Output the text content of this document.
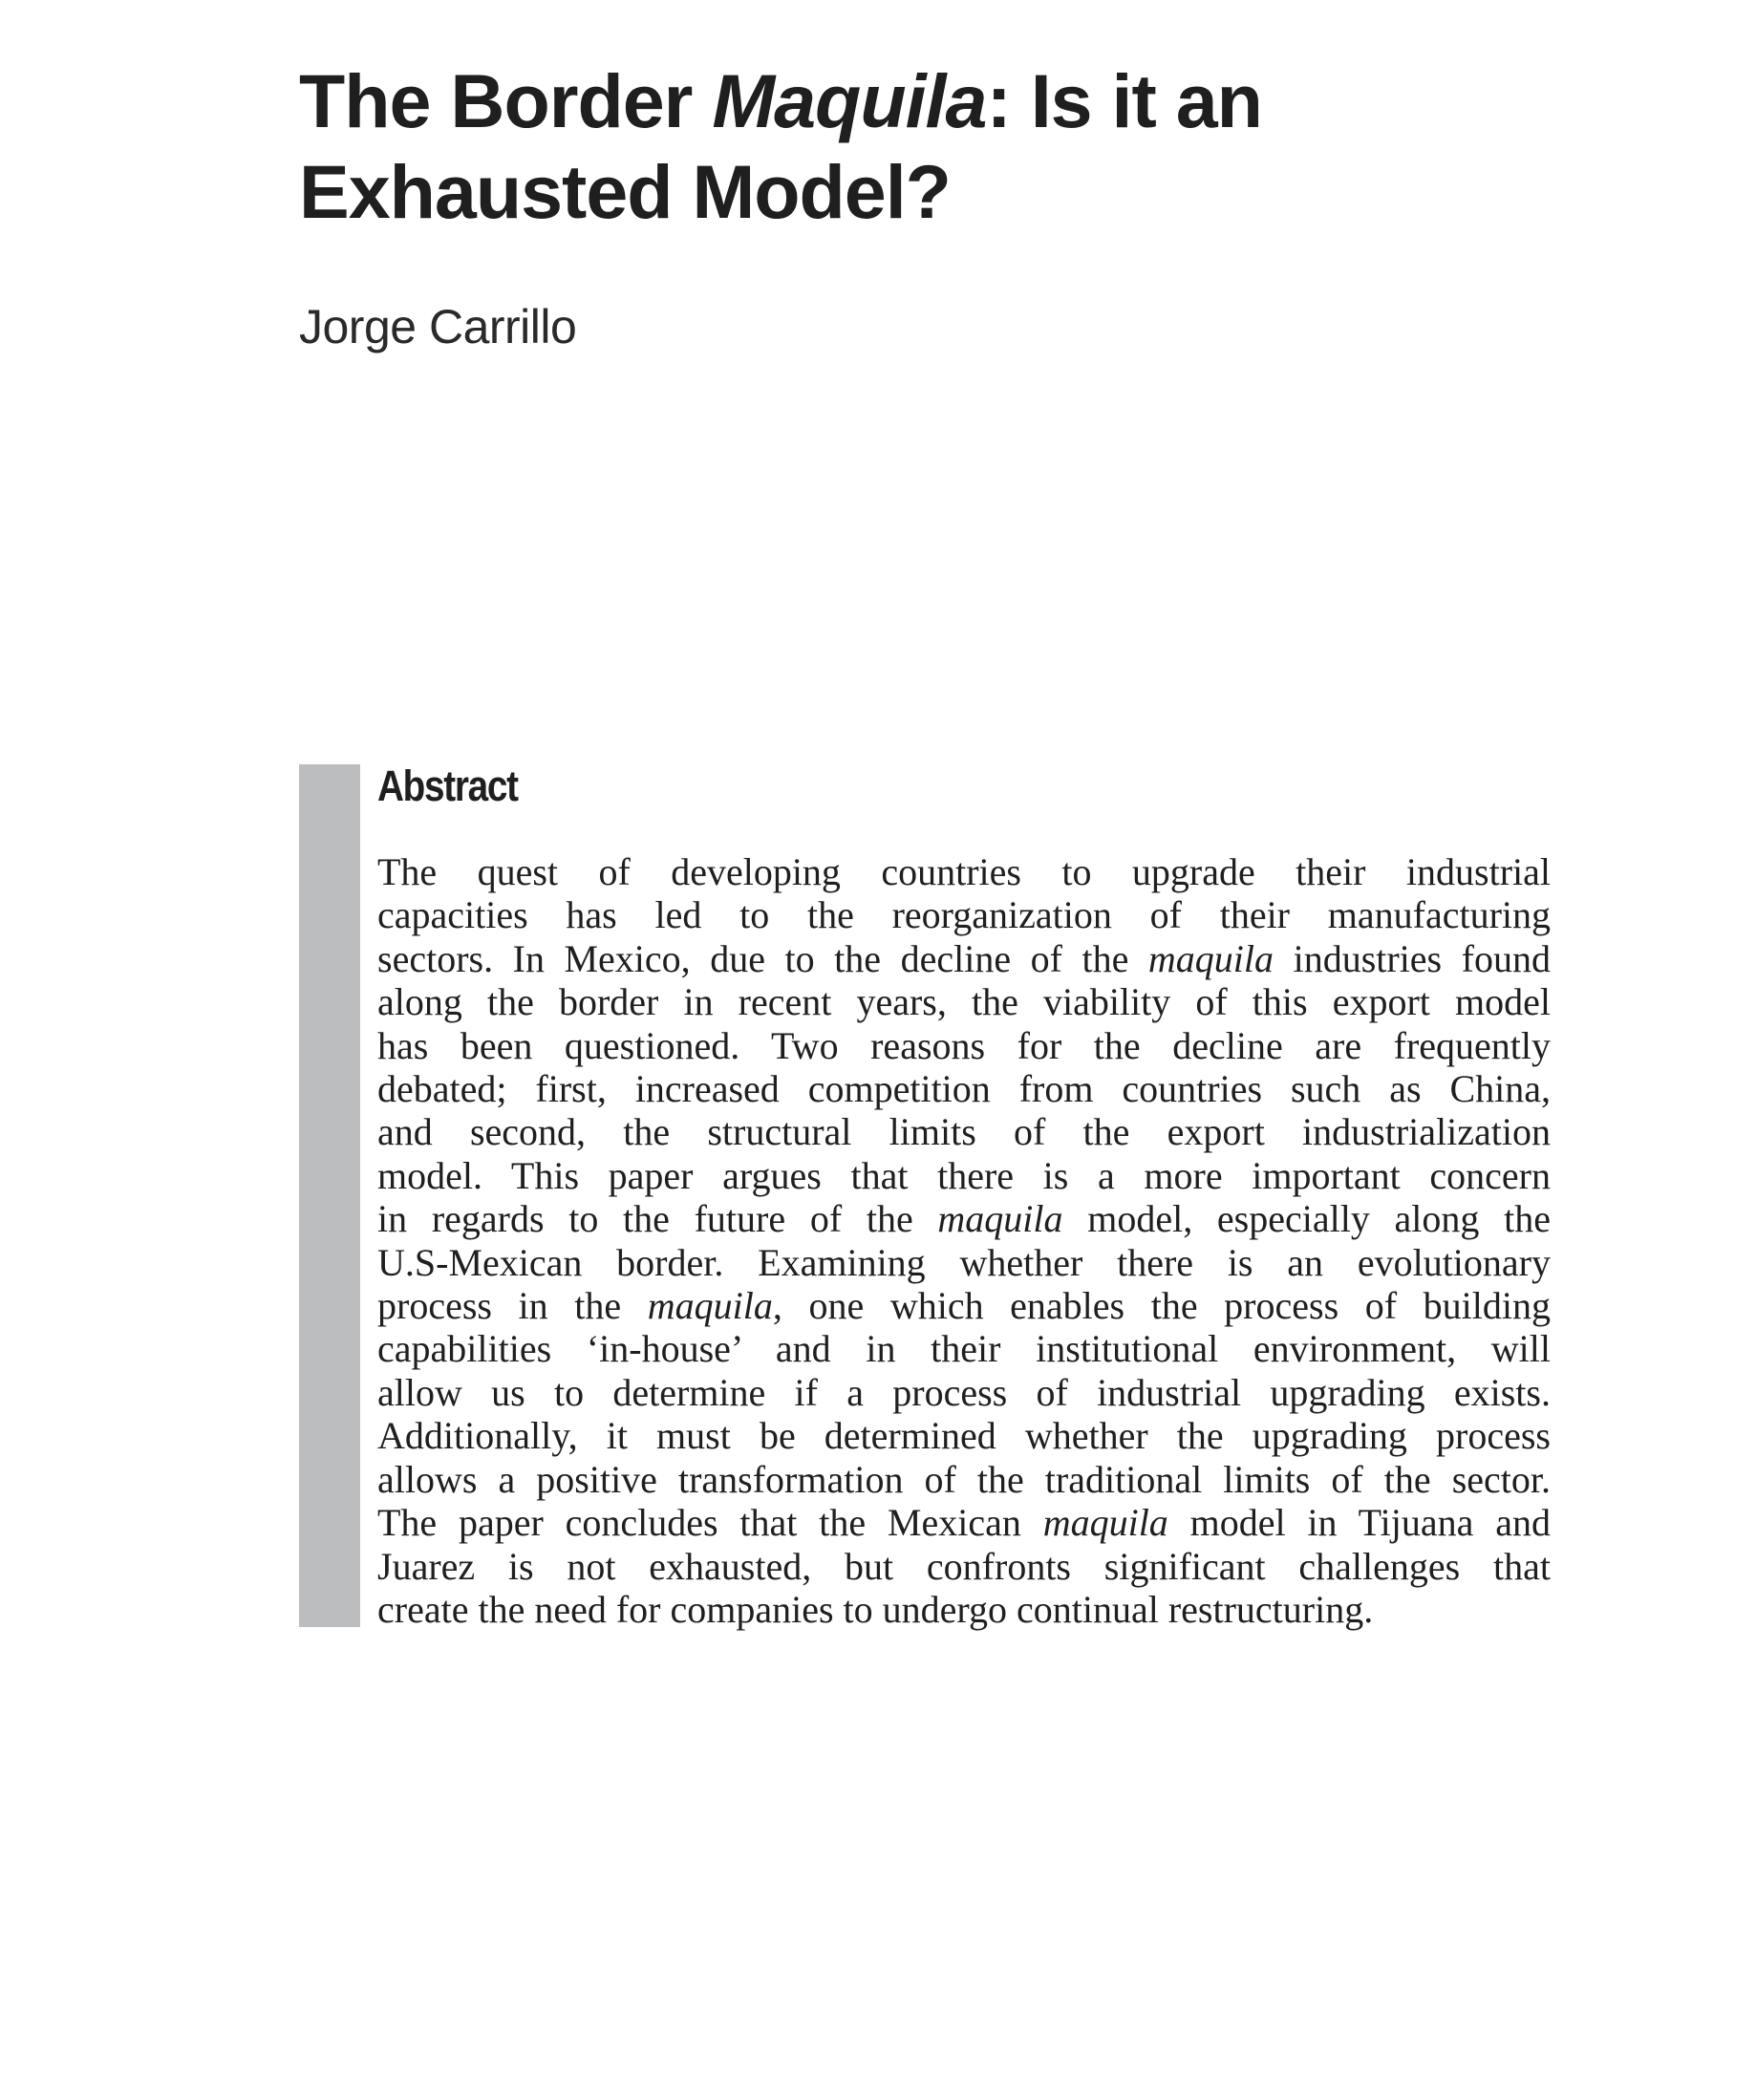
The Border Maquila: Is it an
Exhausted Model?

Jorge Carrillo

Abstract
The quest of developing countries to upgrade their industrial
capacities has led to the reorganization of their manufacturing
sectors. In Mexico, due to the decline of the maquila industries found
along the border in recent years, the viability of this export model
has been questioned. Two reasons for the decline are frequently
debated; first, increased competition from countries such as China,
and second, the structural limits of the export industrialization
model. This paper argues that there is a more important concern
in regards to the future of the maquila model, especially along the
U.S-Mexican border. Examining whether there is an evolutionary
process in the maquila, one which enables the process of building
capabilities ‘in-house’ and in their institutional environment, will
allow us to determine if a process of industrial upgrading exists.
Additionally, it must be determined whether the upgrading process
allows a positive transformation of the traditional limits of the sector.
The paper concludes that the Mexican maquila model in Tijuana and
Juarez is not exhausted, but confronts significant challenges that
create the need for companies to undergo continual restructuring.
